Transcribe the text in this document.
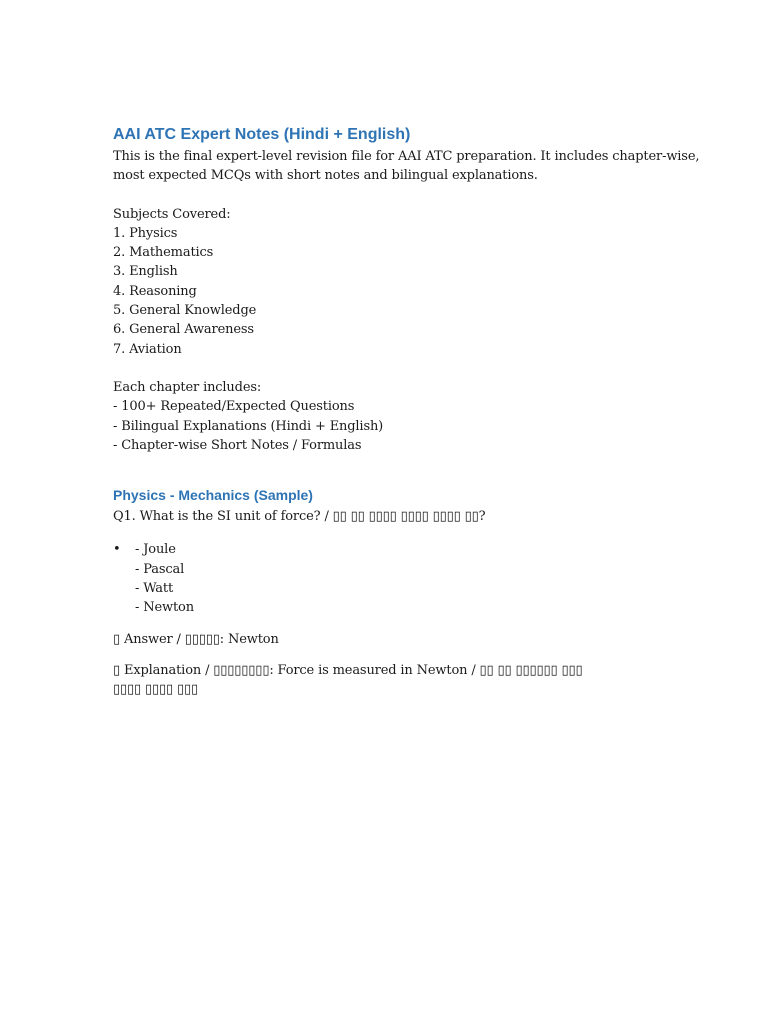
AAI ATC Expert Notes (Hindi + English)
This is the final expert-level revision file for AAI ATC preparation. It includes chapter-wise,
most expected MCQs with short notes and bilingual explanations.
Subjects Covered:
1. Physics
2. Mathematics
3. English
4. Reasoning
5. General Knowledge
6. General Awareness
7. Aviation
Each chapter includes:
- 100+ Repeated/Expected Questions
- Bilingual Explanations (Hindi + English)
- Chapter-wise Short Notes / Formulas
Physics - Mechanics (Sample)
Q1. What is the SI unit of force? / ▯▯ ▯▯ ▯▯▯▯ ▯▯▯▯ ▯▯▯▯ ▯▯?
• - Joule
- Pascal
- Watt
- Newton
▯ Answer / ▯▯▯▯▯: Newton
▯ Explanation / ▯▯▯▯▯▯▯▯: Force is measured in Newton / ▯▯ ▯▯ ▯▯▯▯▯▯ ▯▯▯
▯▯▯▯ ▯▯▯▯ ▯▯▯
